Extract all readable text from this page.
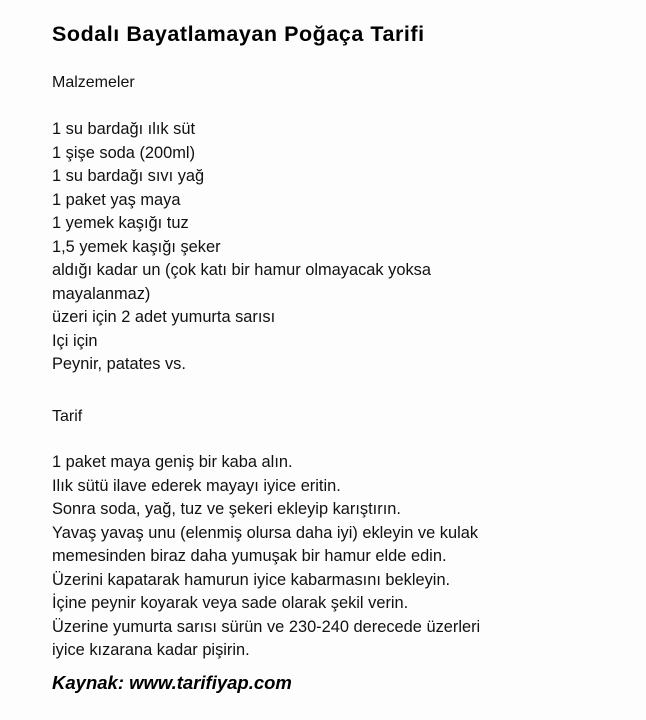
Sodalı Bayatlamayan Poğaça Tarifi
Malzemeler
1 su bardağı ılık süt
1 şişe soda (200ml)
1 su bardağı sıvı yağ
1 paket yaş maya
1 yemek kaşığı tuz
1,5 yemek kaşığı şeker
aldığı kadar un (çok katı bir hamur olmayacak yoksa
mayalanmaz)
üzeri için 2 adet yumurta sarısı
Içi için
Peynir, patates vs.
Tarif
1 paket maya geniş bir kaba alın.
Ilık sütü ilave ederek mayayı iyice eritin.
Sonra soda, yağ, tuz ve şekeri ekleyip karıştırın.
Yavaş yavaş unu (elenmiş olursa daha iyi) ekleyin ve kulak
memesinden biraz daha yumuşak bir hamur elde edin.
Üzerini kapatarak hamurun iyice kabarmasını bekleyin.
İçine peynir koyarak veya sade olarak şekil verin.
Üzerine yumurta sarısı sürün ve 230-240 derecede üzerleri
iyice kızarana kadar pişirin.
Kaynak: www.tarifiyap.com
